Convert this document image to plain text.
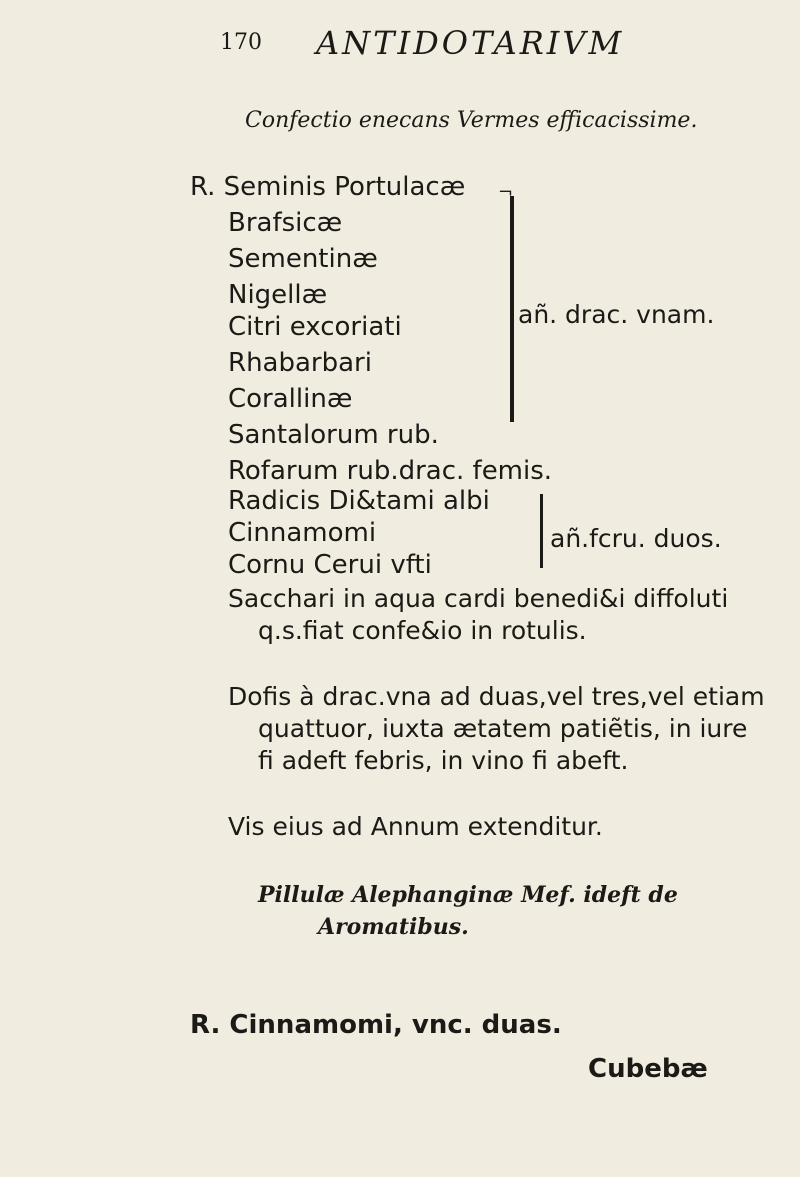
170 ANTIDOTARIVM
Confectio enecans Vermes efficacissime.
R. Seminis Portulacæ
Brafsicæ
Sementinæ
Nigellæ
Citri excoriati
Rhabarbari
Corallinæ
Santalorum rub.
¬
añ. drac. vnam.
Rofarum rub.drac. femis.
Radicis Di&tami albi
Cinnamomi
Cornu Cerui vfti
añ.fcru. duos.
Sacchari in aqua cardi benedi&i diffoluti
q.s.fiat confe&io in rotulis.
Dofis à drac.vna ad duas,vel tres,vel etiam
quattuor, iuxta ætatem patiẽtis, in iure
fi adeft febris, in vino fi abeft.
Vis eius ad Annum extenditur.
Pillulæ Alephanginæ Mef. ideft de
Aromatibus.
R. Cinnamomi, vnc. duas.
Cubebæ
